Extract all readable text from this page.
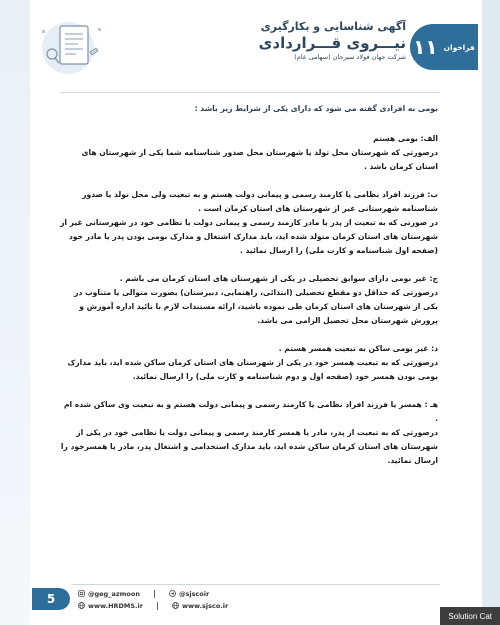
آگهی شناسایی و بکارگیری
نیـــروی قـــراردادی
شرکت جهان فولاد سیرجان (سهامی عام)
فراخوان
۱۱

بومی به افرادی گفته می شود که دارای یکی از شرایط زیر باشد :

الف: بومی هستم

درصورتی که شهرستان محل تولد یا شهرستان محل صدور شناسنامه شما یکی از شهرستان های استان کرمان باشد .

ب: فرزند افراد نظامی یا کارمند رسمی و پیمانی دولت هستم و به تبعیت ولی محل تولد یا صدور شناسنامه شهرستانی غیر از شهرستان های استان کرمان است .

در صورتی که به تبعیت از پدر یا مادر کارمند رسمی و پیمانی دولت یا نظامی خود در شهرستانی غیر از شهرستان های استان کرمان متولد شده اید، باید مدارک اشتغال و مدارک بومی بودن پدر یا مادر خود (صفحه اول شناسنامه و کارت ملی) را ارسال نمائید .

ج: غیر بومی دارای سوابق تحصیلی در یکی از شهرستان های استان کرمان می باشم .

درصورتی که حداقل دو مقطع تحصیلی (ابتدائی، راهنمایی، دبیرستان) بصورت متوالی یا متناوب در یکی از شهرستان های استان کرمان طی نموده باشید، ارائه مستندات لازم با تائید اداره آموزش و پرورش شهرستان محل تحصیل الزامی می باشد.

د: غیر بومی ساکن به تبعیت همسر هستم .

درصورتی که به تبعیت همسر خود در یکی از شهرستان های استان کرمان ساکن شده اید، باید مدارک بومی بودن همسر خود (صفحه اول و دوم شناسنامه و کارت ملی) را ارسال نمائید.

هـ : همسر یا فرزند افراد نظامی یا کارمند رسمی و پیمانی دولت هستم و به تبعیت وی ساکن شده ام .

درصورتی که به تبعیت از پدر، مادر یا همسر کارمند رسمی و پیمانی دولت یا نظامی خود در یکی از شهرستان های استان کرمان ساکن شده اید، باید مدارک استخدامی و اشتغال پدر، مادر یا همسرخود را ارسال نمائید.

5	@geg_azmoon	@sjscoir
www.HRDMS.ir	www.sjsco.ir
Solution Cat
